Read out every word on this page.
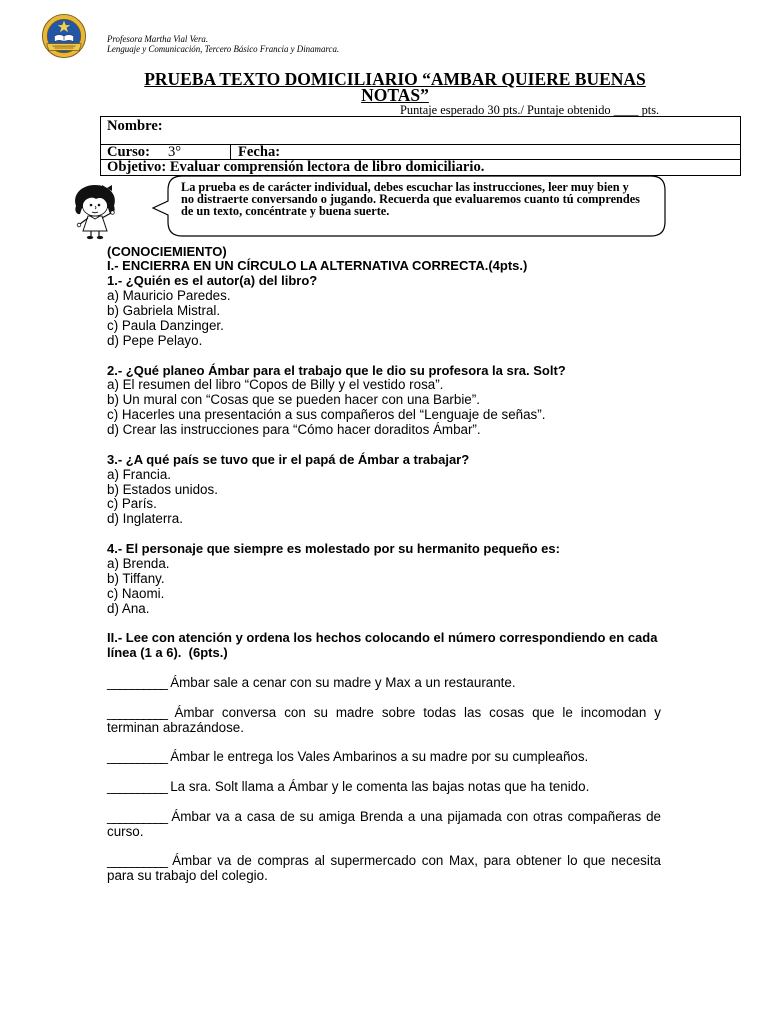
Profesora Martha Vial Vera.
Lenguaje y Comunicación, Tercero Básico Francia y Dinamarca.
PRUEBA TEXTO DOMICILIARIO “AMBAR QUIERE BUENAS
NOTAS”
Puntaje esperado 30 pts./ Puntaje obtenido ____ pts.
Nombre:
Curso: 3°	Fecha:
Objetivo: Evaluar comprensión lectora de libro domiciliario.
La prueba es de carácter individual, debes escuchar las instrucciones, leer muy bien y
no distraerte conversando o jugando. Recuerda que evaluaremos cuanto tú comprendes
de un texto, concéntrate y buena suerte.
(CONOCIEMIENTO)
I.- ENCIERRA EN UN CÍRCULO LA ALTERNATIVA CORRECTA.(4pts.)
1.- ¿Quién es el autor(a) del libro?
a) Mauricio Paredes.
b) Gabriela Mistral.
c) Paula Danzinger.
d) Pepe Pelayo.
2.- ¿Qué planeo Ámbar para el trabajo que le dio su profesora la sra. Solt?
a) El resumen del libro “Copos de Billy y el vestido rosa”.
b) Un mural con “Cosas que se pueden hacer con una Barbie”.
c) Hacerles una presentación a sus compañeros del “Lenguaje de señas”.
d) Crear las instrucciones para “Cómo hacer doraditos Ámbar”.
3.- ¿A qué país se tuvo que ir el papá de Ámbar a trabajar?
a) Francia.
b) Estados unidos.
c) París.
d) Inglaterra.
4.- El personaje que siempre es molestado por su hermanito pequeño es:
a) Brenda.
b) Tiffany.
c) Naomi.
d) Ana.
II.- Lee con atención y ordena los hechos colocando el número correspondiendo en cada
línea (1 a 6).  (6pts.)
__________ Ámbar sale a cenar con su madre y Max a un restaurante.
__________ Ámbar conversa con su madre sobre todas las cosas que le incomodan y
terminan abrazándose.
__________ Ámbar le entrega los Vales Ambarinos a su madre por su cumpleaños.
__________ La sra. Solt llama a Ámbar y le comenta las bajas notas que ha tenido.
__________ Ámbar va a casa de su amiga Brenda a una pijamada con otras compañeras de
curso.
__________ Ámbar va de compras al supermercado con Max, para obtener lo que necesita
para su trabajo del colegio.
